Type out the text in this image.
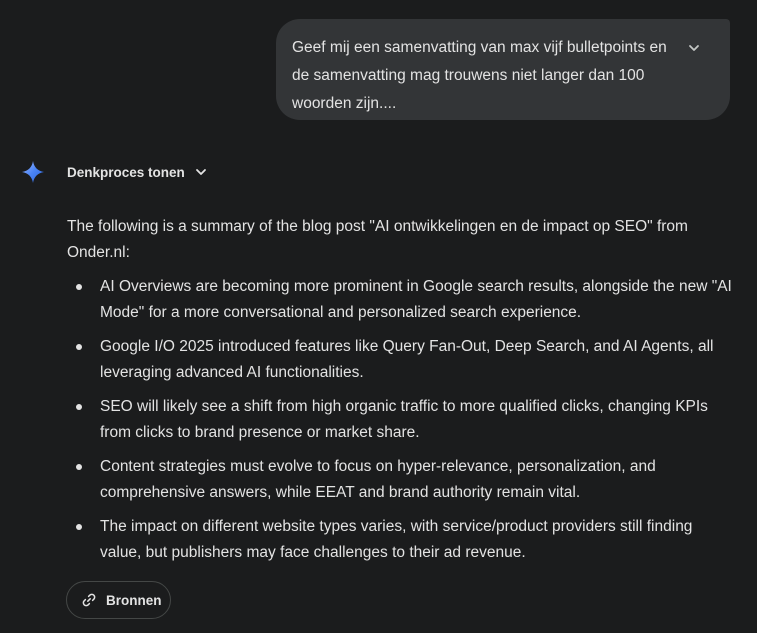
Geef mij een samenvatting van max vijf bulletpoints en de samenvatting mag trouwens niet langer dan 100 woorden zijn....

Denkproces tonen

The following is a summary of the blog post "AI ontwikkelingen en de impact op SEO" from Onder.nl:

AI Overviews are becoming more prominent in Google search results, alongside the new "AI Mode" for a more conversational and personalized search experience.
Google I/O 2025 introduced features like Query Fan-Out, Deep Search, and AI Agents, all leveraging advanced AI functionalities.
SEO will likely see a shift from high organic traffic to more qualified clicks, changing KPIs from clicks to brand presence or market share.
Content strategies must evolve to focus on hyper-relevance, personalization, and comprehensive answers, while EEAT and brand authority remain vital.
The impact on different website types varies, with service/product providers still finding value, but publishers may face challenges to their ad revenue.
Bronnen
